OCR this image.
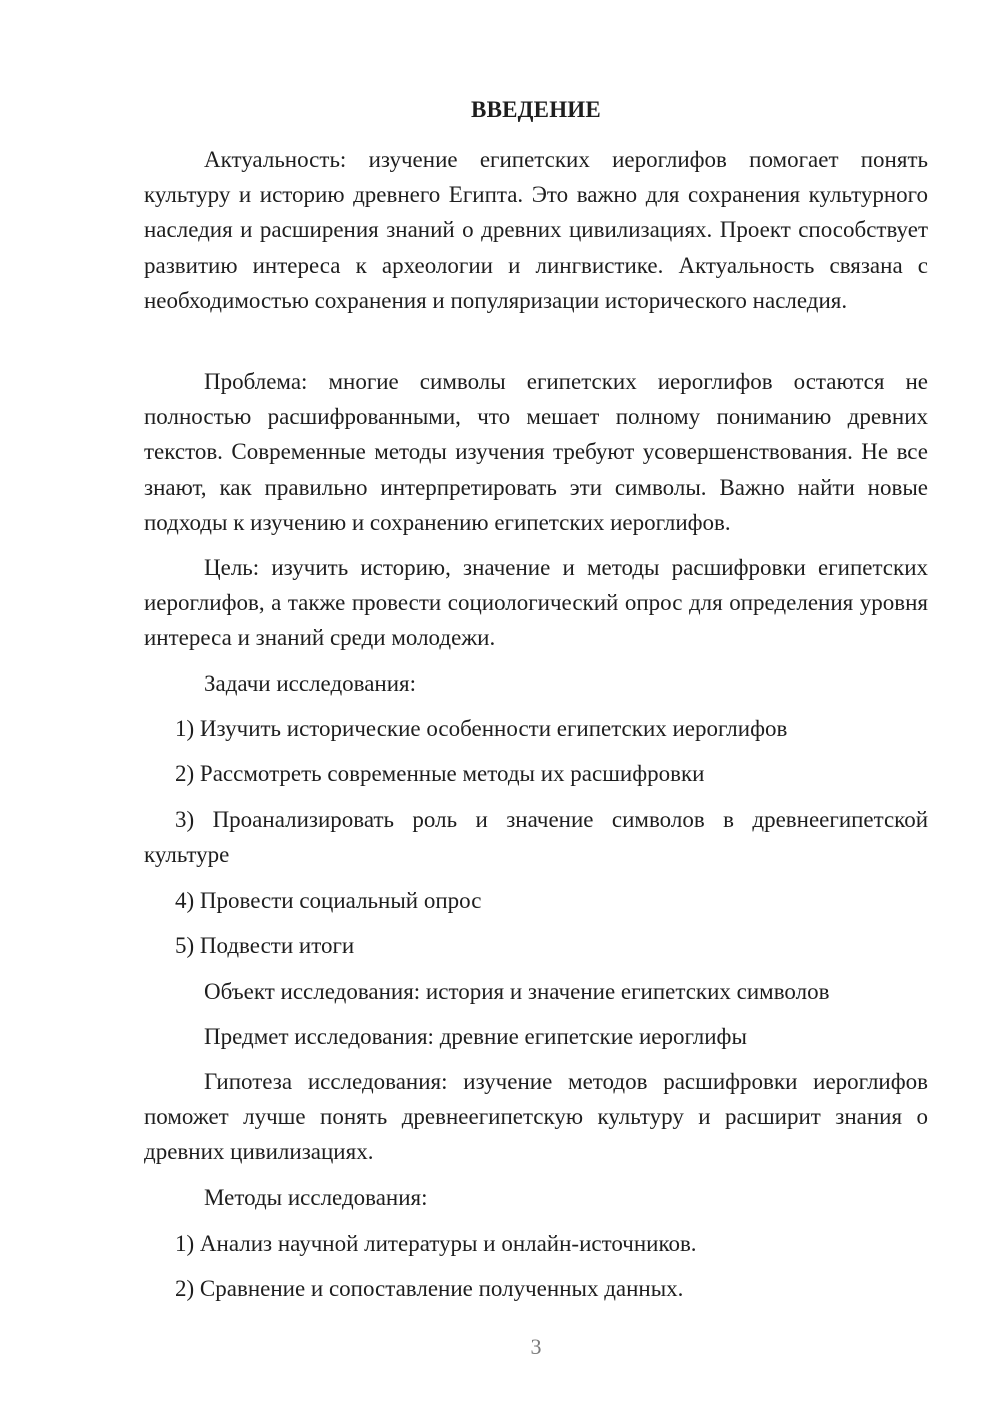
ВВЕДЕНИЕ

Актуальность: изучение египетских иероглифов помогает понять культуру и историю древнего Египта. Это важно для сохранения культурного наследия и расширения знаний о древних цивилизациях. Проект способствует развитию интереса к археологии и лингвистике. Актуальность связана с необходимостью сохранения и популяризации исторического наследия.

Проблема: многие символы египетских иероглифов остаются не полностью расшифрованными, что мешает полному пониманию древних текстов. Современные методы изучения требуют усовершенствования. Не все знают, как правильно интерпретировать эти символы. Важно найти новые подходы к изучению и сохранению египетских иероглифов.

Цель: изучить историю, значение и методы расшифровки египетских иероглифов, а также провести социологический опрос для определения уровня интереса и знаний среди молодежи.

Задачи исследования:

1) Изучить исторические особенности египетских иероглифов

2) Рассмотреть современные методы их расшифровки

3) Проанализировать роль и значение символов в древнеегипетской культуре

4) Провести социальный опрос

5) Подвести итоги

Объект исследования: история и значение египетских символов

Предмет исследования: древние египетские иероглифы

Гипотеза исследования: изучение методов расшифровки иероглифов поможет лучше понять древнеегипетскую культуру и расширит знания о древних цивилизациях.

Методы исследования:

1) Анализ научной литературы и онлайн-источников.

2) Сравнение и сопоставление полученных данных.

3
